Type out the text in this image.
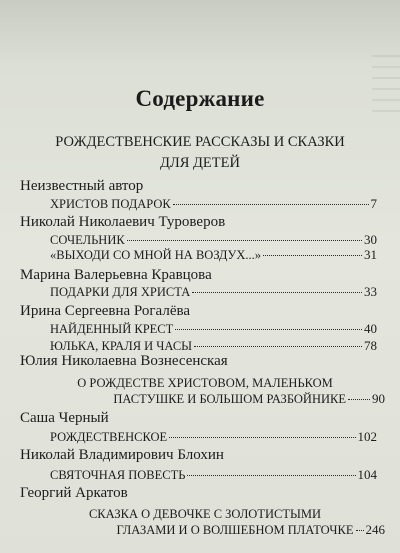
Содержание
РОЖДЕСТВЕНСКИЕ РАССКАЗЫ И СКАЗКИ
ДЛЯ ДЕТЕЙ
Неизвестный автор
ХРИСТОВ ПОДАРОК	7
Николай Николаевич Туроверов
СОЧЕЛЬНИК	30
«ВЫХОДИ СО МНОЙ НА ВОЗДУХ...»	31
Марина Валерьевна Кравцова
ПОДАРКИ ДЛЯ ХРИСТА	33
Ирина Сергеевна Рогалёва
НАЙДЕННЫЙ КРЕСТ	40
ЮЛЬКА, КРАЛЯ И ЧАСЫ	78
Юлия Николаевна Вознесенская
О РОЖДЕСТВЕ ХРИСТОВОМ, МАЛЕНЬКОМ
ПАСТУШКЕ И БОЛЬШОМ РАЗБОЙНИКЕ 90
Саша Черный
РОЖДЕСТВЕНСКОЕ	102
Николай Владимирович Блохин
СВЯТОЧНАЯ ПОВЕСТЬ	104
Георгий Аркатов
СКАЗКА О ДЕВОЧКЕ С ЗОЛОТИСТЫМИ
ГЛАЗАМИ И О ВОЛШЕБНОМ ПЛАТОЧКЕ 246
